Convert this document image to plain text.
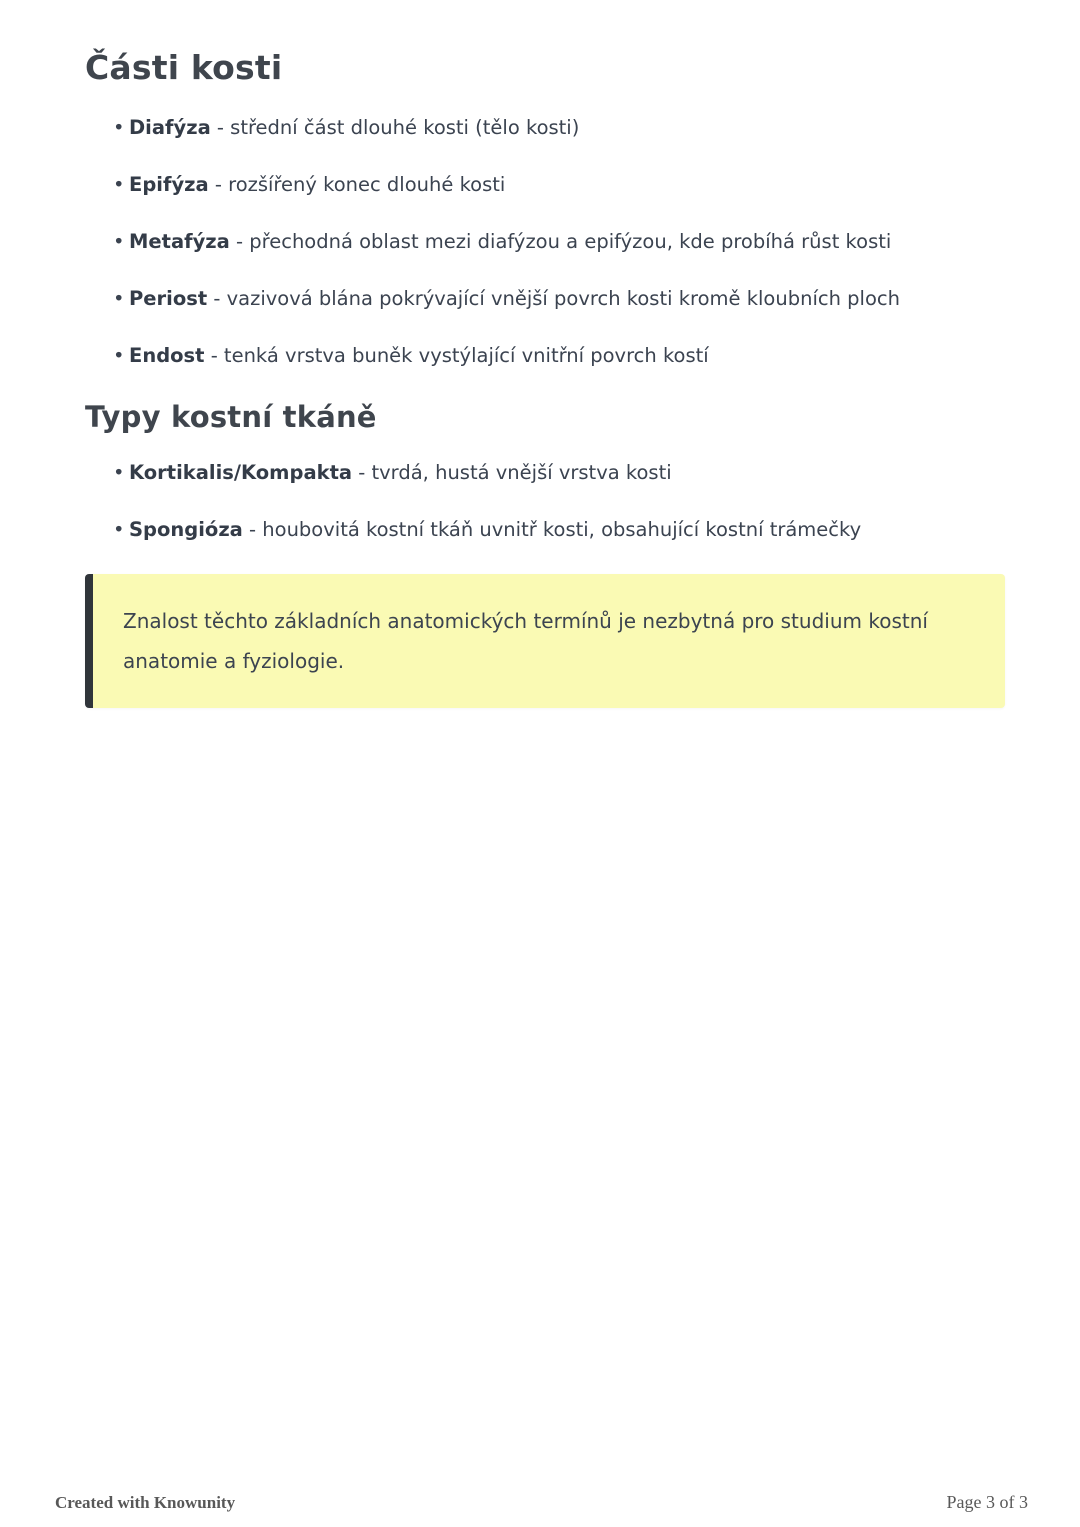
Části kosti
• Diafýza - střední část dlouhé kosti (tělo kosti)
• Epifýza - rozšířený konec dlouhé kosti
• Metafýza - přechodná oblast mezi diafýzou a epifýzou, kde probíhá růst kosti
• Periost - vazivová blána pokrývající vnější povrch kosti kromě kloubních ploch
• Endost - tenká vrstva buněk vystýlající vnitřní povrch kostí
Typy kostní tkáně
• Kortikalis/Kompakta - tvrdá, hustá vnější vrstva kosti
• Spongióza - houbovitá kostní tkáň uvnitř kosti, obsahující kostní trámečky
Znalost těchto základních anatomických termínů je nezbytná pro studium kostní anatomie a fyziologie.
Created with Knowunity	Page 3 of 3
